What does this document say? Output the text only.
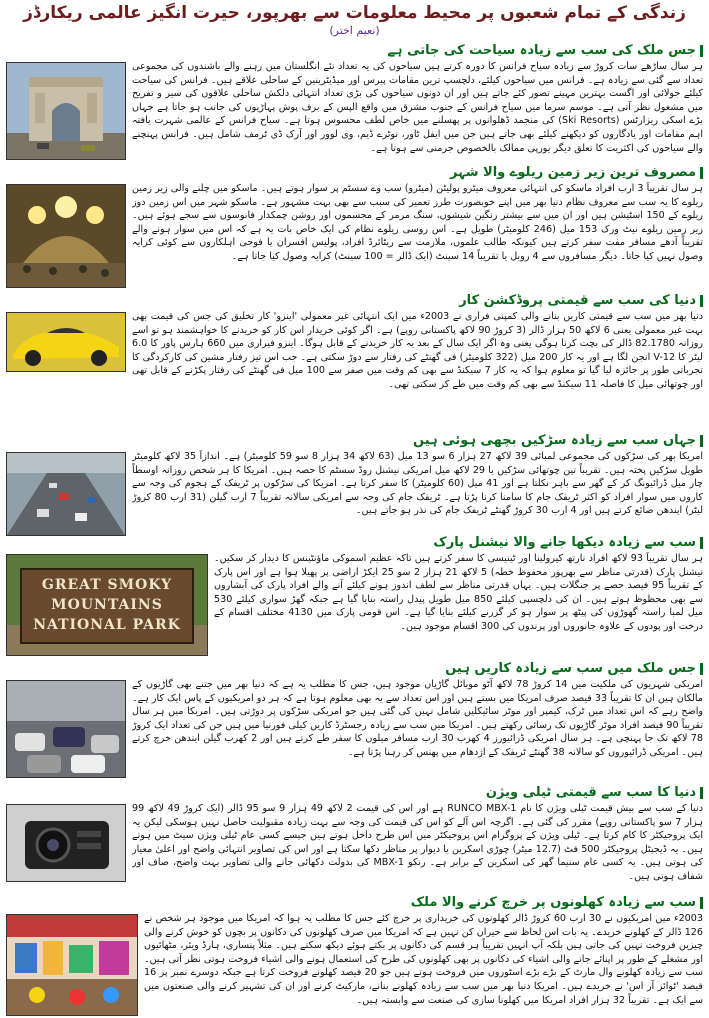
زندگی کے تمام شعبوں پر محیط معلومات سے بھرپور، حیرت انگیز عالمی ریکارڈز
(نعیم اختر)
جس ملک کی سب سے زیادہ سیاحت کی جاتی ہے
ہر سال ساڑھے سات کروڑ سے زیادہ سیاح فرانس کا دورہ کرتے ہیں سیاحوں کی یہ تعداد نئے انگلستان میں رہنے والے باشندوں کی مجموعی تعداد سے گئی سے زیادہ ہے۔ فرانس میں سیاحوں کیلئے، دلچسپ ترین مقامات پیرس اور میڈیٹرینین کے ساحلی علاقے ہیں۔ فرانس کی سیاحت کیلئے جولائی اور اگست بہترین مہینے تصور کئے جاتے ہیں اور ان دونوں سیاحوں کی بڑی تعداد انتہائی دلکش ساحلی علاقوں کی سیر و تفریح میں مشغول نظر آتی ہے۔ موسم سرما میں سیاح فرانس کے جنوب مشرق میں واقع الپس کے برف پوش پہاڑیوں کی جانب ہو جاتا ہے جہاں بڑے اسکی ریزارٹس (Ski Resorts) کی منجمد ڈھلوانوں پر پھسلنے میں خاص لطف محسوس ہوتا ہے۔ سیاح فرانس کے عالمی شہرت یافتہ اہم مقامات اور یادگاروں کو دیکھنے کیلئے بھی جاتے ہیں جن میں ایفل ٹاور، نوٹرے ڈیم، وی لوور اور آرک ڈی ٹرمف شامل ہیں۔ فرانس پہنچنے والے سیاحوں کی اکثریت کا تعلق دیگر یورپی ممالک بالخصوص جرمنی سے ہوتا ہے۔
مصروف ترین زیر زمین ریلوے والا شہر
ہر سال تقریباً 3 ارب افراد ماسکو کی انتہائی معروف میٹرو پولیٹن (میٹرو) سب وے سسٹم پر سوار ہوتے ہیں۔ ماسکو میں چلنے والی زیر زمین ریلوے کا یہ سب سے معروف نظام دنیا بھر میں اپنے خوبصورت طرز تعمیر کی سبب سے بھی بہت مشہور ہے۔ ماسکو شہر میں اس زمین دوز ریلوے کے 150 اسٹیشن ہیں اور ان میں سے بیشتر رنگین شیشوں، سنگ مرمر کے مجسموں اور روشن چمکدار فانوسوں سے سجے ہوئے ہیں۔ زیر زمین ریلوے نیٹ ورک 153 میل (246 کلومیٹر) طویل ہے۔ اس روسی ریلوے نظام کی ایک خاص بات یہ ہے کہ اس میں سوار ہونے والے تقریباً آدھے مسافر مفت سفر کرتے ہیں کیونکہ طالب علموں، ملازمت سے ریٹائرڈ افراد، پولیس افسران یا فوجی اہلکاروں سے کوئی کرایہ وصول نہیں کیا جاتا۔ دیگر مسافروں سے 4 روبل یا تقریباً 14 سینٹ (ایک ڈالر = 100 سینٹ) کرایہ وصول کیا جاتا ہے۔
دنیا کی سب سے قیمتی پروڈکشن کار
دنیا بھر میں سب سے قیمتی کاریں بنانے والی کمپنی فراری نے 2003ء میں ایک انتہائی غیر معمولی 'اینزو' کار تخلیق کی جس کی قیمت بھی بہت غیر معمولی یعنی 6 لاکھ 50 ہزار ڈالر (3 کروڑ 90 لاکھ پاکستانی روپے) ہے۔ اگر کوئی خریدار اس کار کو خریدنے کا خواہشمند ہو تو اسے روزانہ 82.1780 ڈالر کی بچت کرنا ہوگی یعنی وہ اگر ایک سال کے بعد یہ کار خریدنے کے قابل ہوگا۔ اینزو فیراری میں 660 ہارس پاور کا 6.0 لیٹر کا V-12 انجن لگا ہے اور یہ کار 200 میل (322 کلومیٹر) فی گھنٹے کی رفتار سے دوڑ سکتی ہے۔ جب اس تیز رفتار مشین کی کارکردگی کا تجرباتی طور پر جائزہ لیا گیا تو معلوم ہوا کہ یہ کار 7 سیکنڈ سے بھی کم وقت میں صفر سے 100 میل فی گھنٹے کی رفتار پکڑنے کے قابل تھی اور چوتھائی میل کا فاصلہ 11 سیکنڈ سے بھی کم وقت میں طے کر سکتی تھی۔
جہاں سب سے زیادہ سڑکیں بچھی ہوئی ہیں
امریکا بھر کی سڑکوں کی مجموعی لمبائی 39 لاکھ 27 ہزار 6 سو 13 میل (63 لاکھ 34 ہزار 8 سو 59 کلومیٹر) ہے۔ اندازاً 35 لاکھ کلومیٹر طویل سڑکیں پختہ ہیں۔ تقریباً تین چوتھائی سڑکیں یا 29 لاکھ میل امریکی نیشنل روڈ سسٹم کا حصہ ہیں۔ امریکا کا ہر شخص روزانہ اوسطاً چار میل ڈرائیونگ کر کے گھر سے باہر نکلتا ہے اور 41 میل (60 کلومیٹر) کا سفر کرتا ہے۔ امریکا کی سڑکوں پر ٹریفک کے ہجوم کی وجہ سے کاروں میں سوار افراد کو اکثر ٹریفک جام کا سامنا کرنا پڑتا ہے۔ ٹریفک جام کی وجہ سے امریکی سالانہ تقریباً 7 ارب گیلن (31 ارب 80 کروڑ لیٹر) ایندھن ضائع کرتے ہیں اور 4 ارب 30 کروڑ گھنٹے ٹریفک جام کی نذر ہو جاتے ہیں۔
سب سے زیادہ دیکھا جانے والا نیشنل پارک
GREAT SMOKY MOUNTAINS NATIONAL PARK
ہر سال تقریباً 93 لاکھ افراد نارتھ کیرولینا اور ٹینیسی کا سفر کرتے ہیں تاکہ عظیم اسموکی ماؤنٹینس کا دیدار کر سکیں۔ نیشنل پارک (قدرتی مناظر سے بھرپور محفوظ خطہ) 5 لاکھ 21 ہزار 2 سو 25 ایکڑ اراضی پر پھیلا ہوا ہے اور اس پارک کے تقریباً 95 فیصد حصے پر جنگلات ہیں۔ یہاں قدرتی مناظر سے لطف اندوز ہونے کیلئے آنے والے افراد پارک کی آبشاروں سے بھی محظوظ ہوتے ہیں۔ ان کی دلچسپی کیلئے 850 میل طویل پیدل راستہ بنایا گیا ہے جبکہ گھڑ سواری کیلئے 530 میل لمبا راستہ گھوڑوں کی پیٹھ پر سوار ہو کر گزرنے کیلئے بنایا گیا ہے۔ اس قومی پارک میں 4130 مختلف اقسام کے درخت اور پودوں کے علاوہ جانوروں اور پرندوں کی 300 اقسام موجود ہیں۔
جس ملک میں سب سے زیادہ کاریں ہیں
امریکی شہریوں کی ملکیت میں 14 کروڑ 78 لاکھ آٹو موبائل گاڑیاں موجود ہیں، جس کا مطلب یہ ہے کہ دنیا بھر میں جتنے بھی گاڑیوں کے مالکان ہیں ان کا تقریباً 33 فیصد صرف امریکا میں بستے ہیں اور اس تعداد سے یہ بھی معلوم ہوتا ہے کہ ہر دو امریکیوں کے پاس ایک کار ہے۔ واضح رہے کہ اس تعداد میں ٹرک، کیمپر اور موٹر سائیکلیں شامل نہیں کی گئی ہیں جو امریکی سڑکوں پر دوڑتی ہیں۔ امریکا میں ہر سال تقریباً 90 فیصد افراد موٹر گاڑیوں تک رسائی رکھتے ہیں۔ امریکا میں سب سے زیادہ رجسٹرڈ کاریں کیلی فورنیا میں ہیں جن کی تعداد ایک کروڑ 78 لاکھ تک جا پہنچی ہے۔ ہر سال امریکی ڈرائیورز 4 کھرب 30 ارب مسافر میلوں کا سفر طے کرتے ہیں اور 2 کھرب گیلن ایندھن خرچ کرتے ہیں۔ امریکی ڈرائیوروں کو سالانہ 38 گھنٹے ٹریفک کے اژدھام میں پھنس کر رہنا پڑتا ہے۔
دنیا کا سب سے قیمتی ٹیلی ویژن
دنیا کے سب سے بیش قیمت ٹیلی ویژن کا نام RUNCO MBX-1 ہے اور اس کی قیمت 2 لاکھ 49 ہزار 9 سو 95 ڈالر (ایک کروڑ 49 لاکھ 99 ہزار 7 سو پاکستانی روپے) مقرر کی گئی ہے۔ اگرچہ اس آلے کو اس کی قیمت کی وجہ سے بہت زیادہ مقبولیت حاصل نہیں ہوسکی لیکن یہ ایک پروجیکٹر کا کام کرتا ہے۔ ٹیلی ویژن کے پروگرام اس پروجیکٹر میں اس طرح داخل ہوتے ہیں جیسے کسی عام ٹیلی ویژن سیٹ میں ہوتے ہیں۔ یہ ڈیجیٹل پروجیکٹر 500 فٹ (12.7 میٹر) چوڑی اسکرین یا دیوار پر مناظر دکھا سکتا ہے اور اس کی تصاویر انتہائی واضح اور اعلیٰ معیار کی ہوتی ہیں۔ یہ کسی عام سنیما گھر کی اسکرین کے برابر ہے۔ رنکو MBX-1 کی بدولت دکھائی جانے والی تصاویر بہت واضح، صاف اور شفاف ہوتی ہیں۔
سب سے زیادہ کھلونوں پر خرچ کرنے والا ملک
2003ء میں امریکیوں نے 30 ارب 60 کروڑ ڈالر کھلونوں کی خریداری پر خرچ کئے جس کا مطلب یہ ہوا کہ امریکا میں موجود ہر شخص نے 126 ڈالر کے کھلونے خریدے۔ یہ بات اس لحاظ سے حیران کن نہیں ہے کہ امریکا میں صرف کھلونوں کی دکانوں پر بچوں کو خوش کرنے والی چیزیں فروخت نہیں کی جاتی ہیں بلکہ آپ انہیں تقریباً ہر قسم کی دکانوں پر بکتے ہوئے دیکھ سکتے ہیں۔ مثلاً پنساری، ہارڈ ویئر، مٹھائیوں اور مشغلے کے طور پر اپنائے جانے والی اشیاء کی دکانوں پر بھی کھلونوں کی طرح کی استعمال ہونے والی اشیاء فروخت ہوتی نظر آتی ہیں۔ سب سے زیادہ کھلونے وال مارٹ کے بڑے بڑے اسٹوروں میں فروخت ہوتے ہیں جو 20 فیصد کھلونے فروخت کرتا ہے جبکہ دوسرے نمبر پر 16 فیصد 'ٹوائز آر اس' نے خریدے ہیں۔ امریکا دنیا بھر میں سب سے زیادہ کھلونے بنانے، مارکیٹ کرنے اور ان کی تشہیر کرنے والی صنعتوں میں سے ایک ہے۔ تقریباً 32 ہزار افراد امریکا میں کھلونا سازی کی صنعت سے وابستہ ہیں۔
